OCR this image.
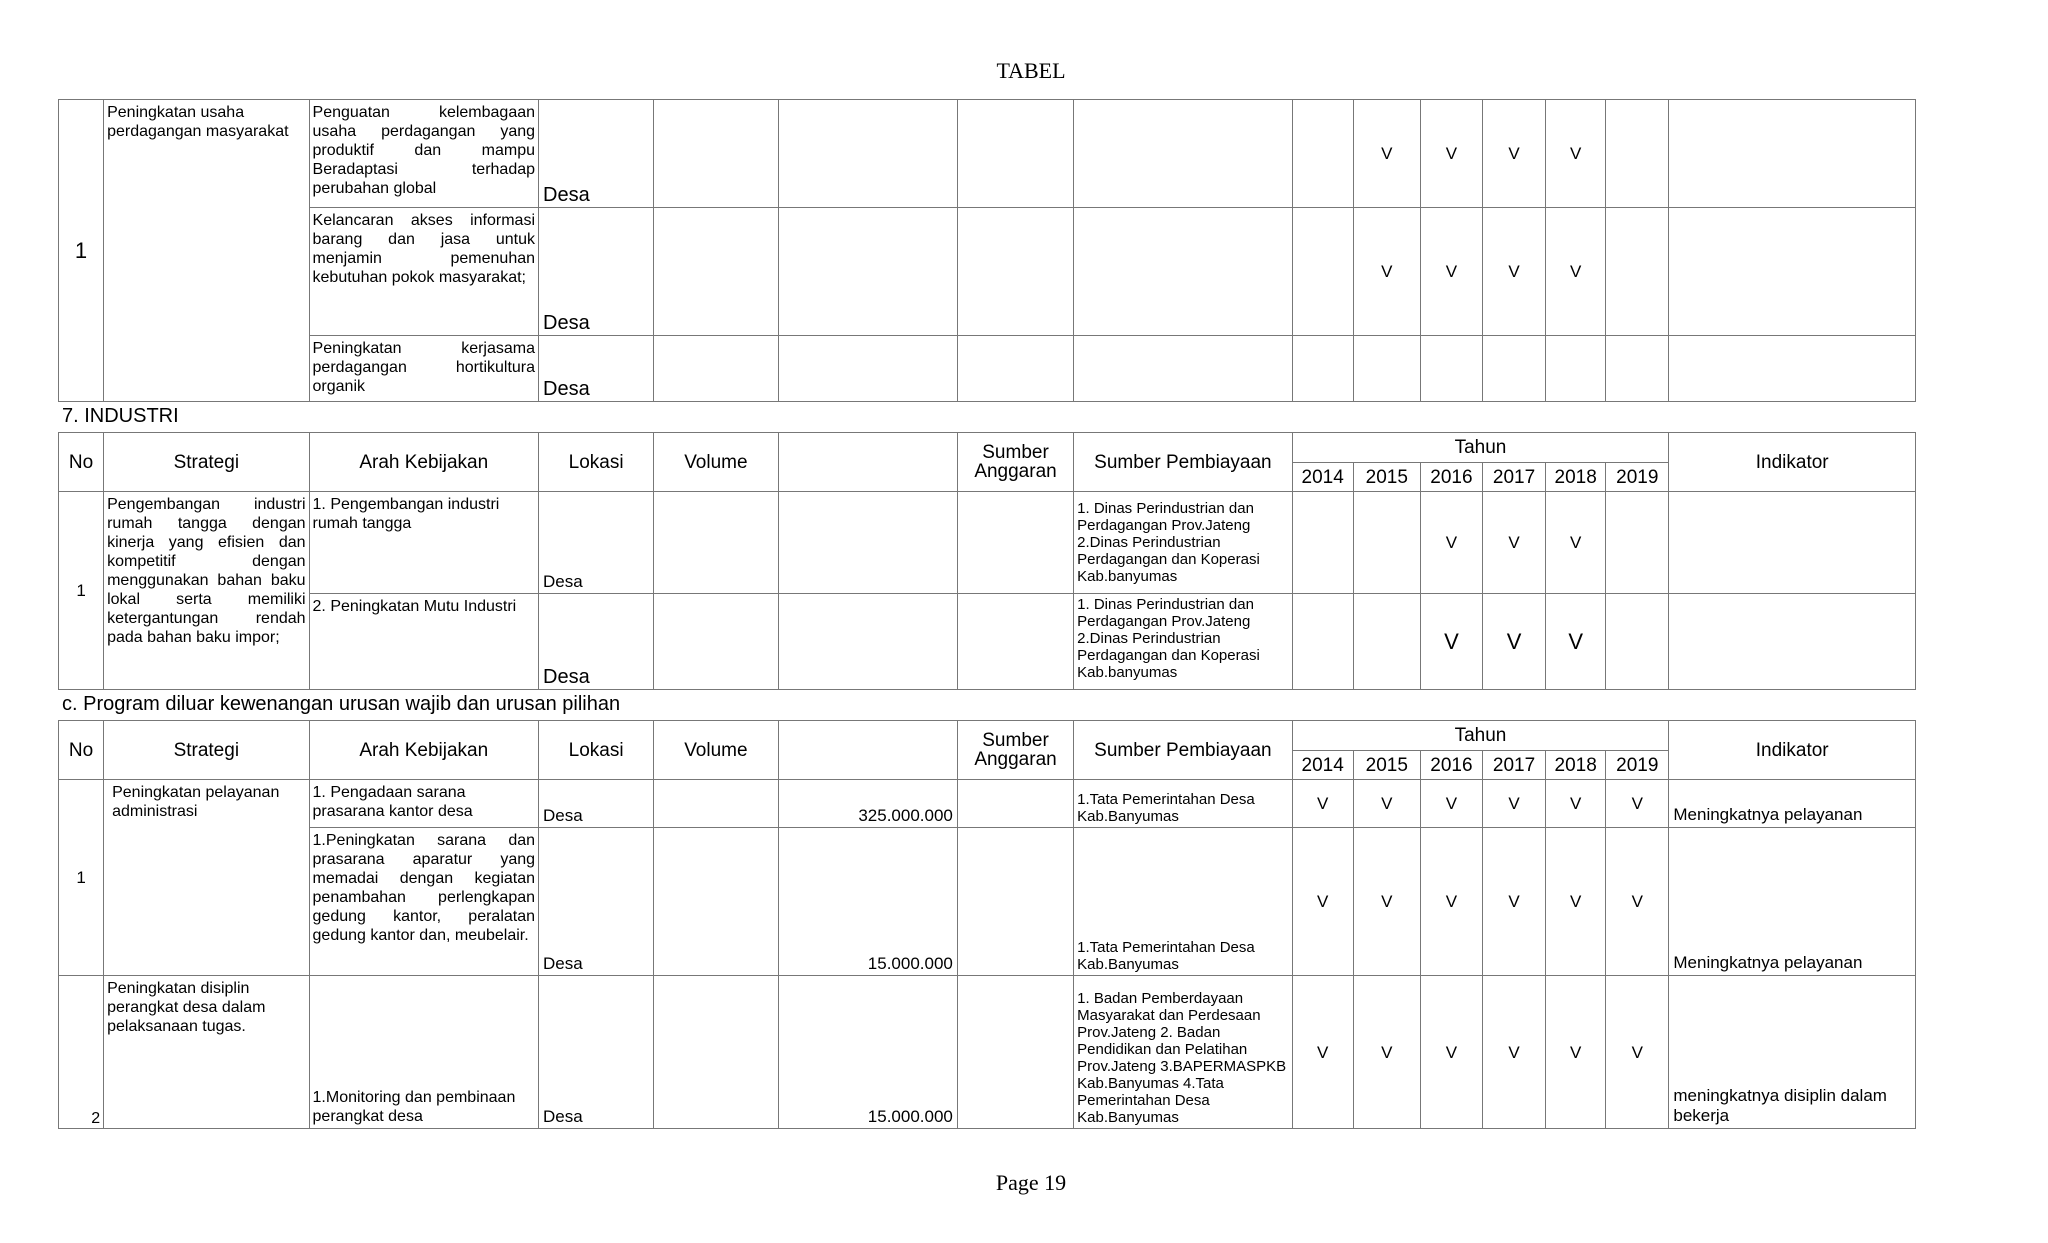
TABEL
1	Peningkatan usaha perdagangan masyarakat	Penguatan kelembagaan usaha perdagangan yang produktif dan mampu Beradaptasi terhadap perubahan global	Desa						V	V	V	V		
		Kelancaran akses informasi barang dan jasa untuk menjamin pemenuhan kebutuhan pokok masyarakat;	Desa						V	V	V	V		
		Peningkatan kerjasama perdagangan hortikultura organik	Desa											
7. INDUSTRI
No	Strategi	Arah Kebijakan	Lokasi	Volume		Sumber Anggaran	Sumber Pembiayaan	Tahun						Indikator
								2014	2015	2016	2017	2018	2019	
1	Pengembangan industri rumah tangga dengan kinerja yang efisien dan kompetitif dengan menggunakan bahan baku lokal serta memiliki ketergantungan rendah pada bahan baku impor;	1. Pengembangan industri rumah tangga	Desa				1. Dinas Perindustrian dan Perdagangan Prov.Jateng 2.Dinas Perindustrian Perdagangan dan Koperasi Kab.banyumas			V	V	V		
		2. Peningkatan Mutu Industri	Desa				1. Dinas Perindustrian dan Perdagangan Prov.Jateng 2.Dinas Perindustrian Perdagangan dan Koperasi Kab.banyumas			V	V	V		
c. Program diluar kewenangan urusan wajib dan urusan pilihan
No	Strategi	Arah Kebijakan	Lokasi	Volume		Sumber Anggaran	Sumber Pembiayaan	Tahun						Indikator
								2014	2015	2016	2017	2018	2019	
1	Peningkatan pelayanan administrasi	1. Pengadaan sarana prasarana kantor desa	Desa		325.000.000		1.Tata Pemerintahan Desa Kab.Banyumas	V	V	V	V	V	V	Meningkatnya pelayanan
		1.Peningkatan sarana dan prasarana aparatur yang memadai dengan kegiatan penambahan perlengkapan gedung kantor, peralatan gedung kantor dan, meubelair.	Desa		15.000.000		1.Tata Pemerintahan Desa Kab.Banyumas	V	V	V	V	V	V	Meningkatnya pelayanan
2	Peningkatan disiplin perangkat desa dalam pelaksanaan tugas.	1.Monitoring dan pembinaan perangkat desa	Desa		15.000.000		1. Badan Pemberdayaan Masyarakat dan Perdesaan Prov.Jateng 2. Badan Pendidikan dan Pelatihan Prov.Jateng 3.BAPERMASPKB Kab.Banyumas 4.Tata Pemerintahan Desa Kab.Banyumas	V	V	V	V	V	V	meningkatnya disiplin dalam bekerja
Page 19
